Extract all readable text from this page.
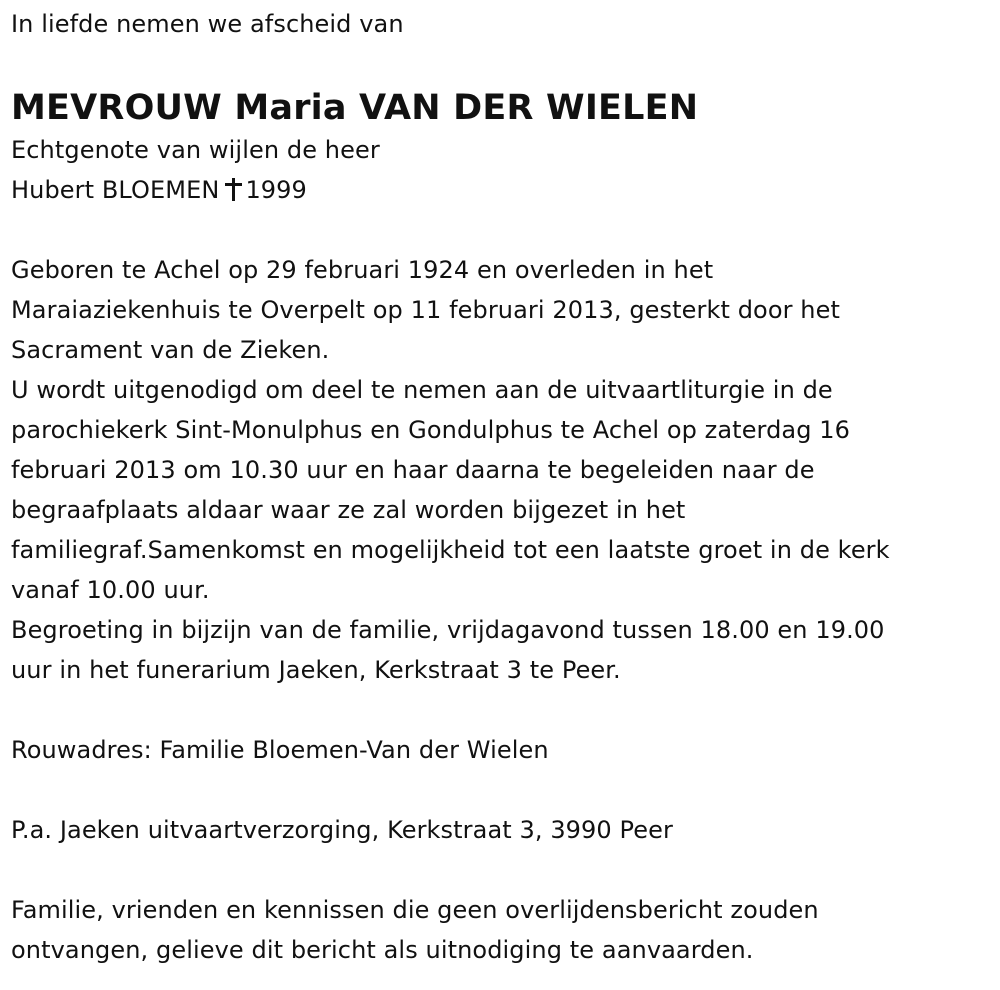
In liefde nemen we afscheid van
MEVROUW Maria VAN DER WIELEN
Echtgenote van wijlen de heer
Hubert BLOEMEN 1999
Geboren te Achel op 29 februari 1924 en overleden in het
Maraiaziekenhuis te Overpelt op 11 februari 2013, gesterkt door het
Sacrament van de Zieken.
U wordt uitgenodigd om deel te nemen aan de uitvaartliturgie in de
parochiekerk Sint-Monulphus en Gondulphus te Achel op zaterdag 16
februari 2013 om 10.30 uur en haar daarna te begeleiden naar de
begraafplaats aldaar waar ze zal worden bijgezet in het
familiegraf.Samenkomst en mogelijkheid tot een laatste groet in de kerk
vanaf 10.00 uur.
Begroeting in bijzijn van de familie, vrijdagavond tussen 18.00 en 19.00
uur in het funerarium Jaeken, Kerkstraat 3 te Peer.
Rouwadres: Familie Bloemen-Van der Wielen
P.a. Jaeken uitvaartverzorging, Kerkstraat 3, 3990 Peer
Familie, vrienden en kennissen die geen overlijdensbericht zouden
ontvangen, gelieve dit bericht als uitnodiging te aanvaarden.
